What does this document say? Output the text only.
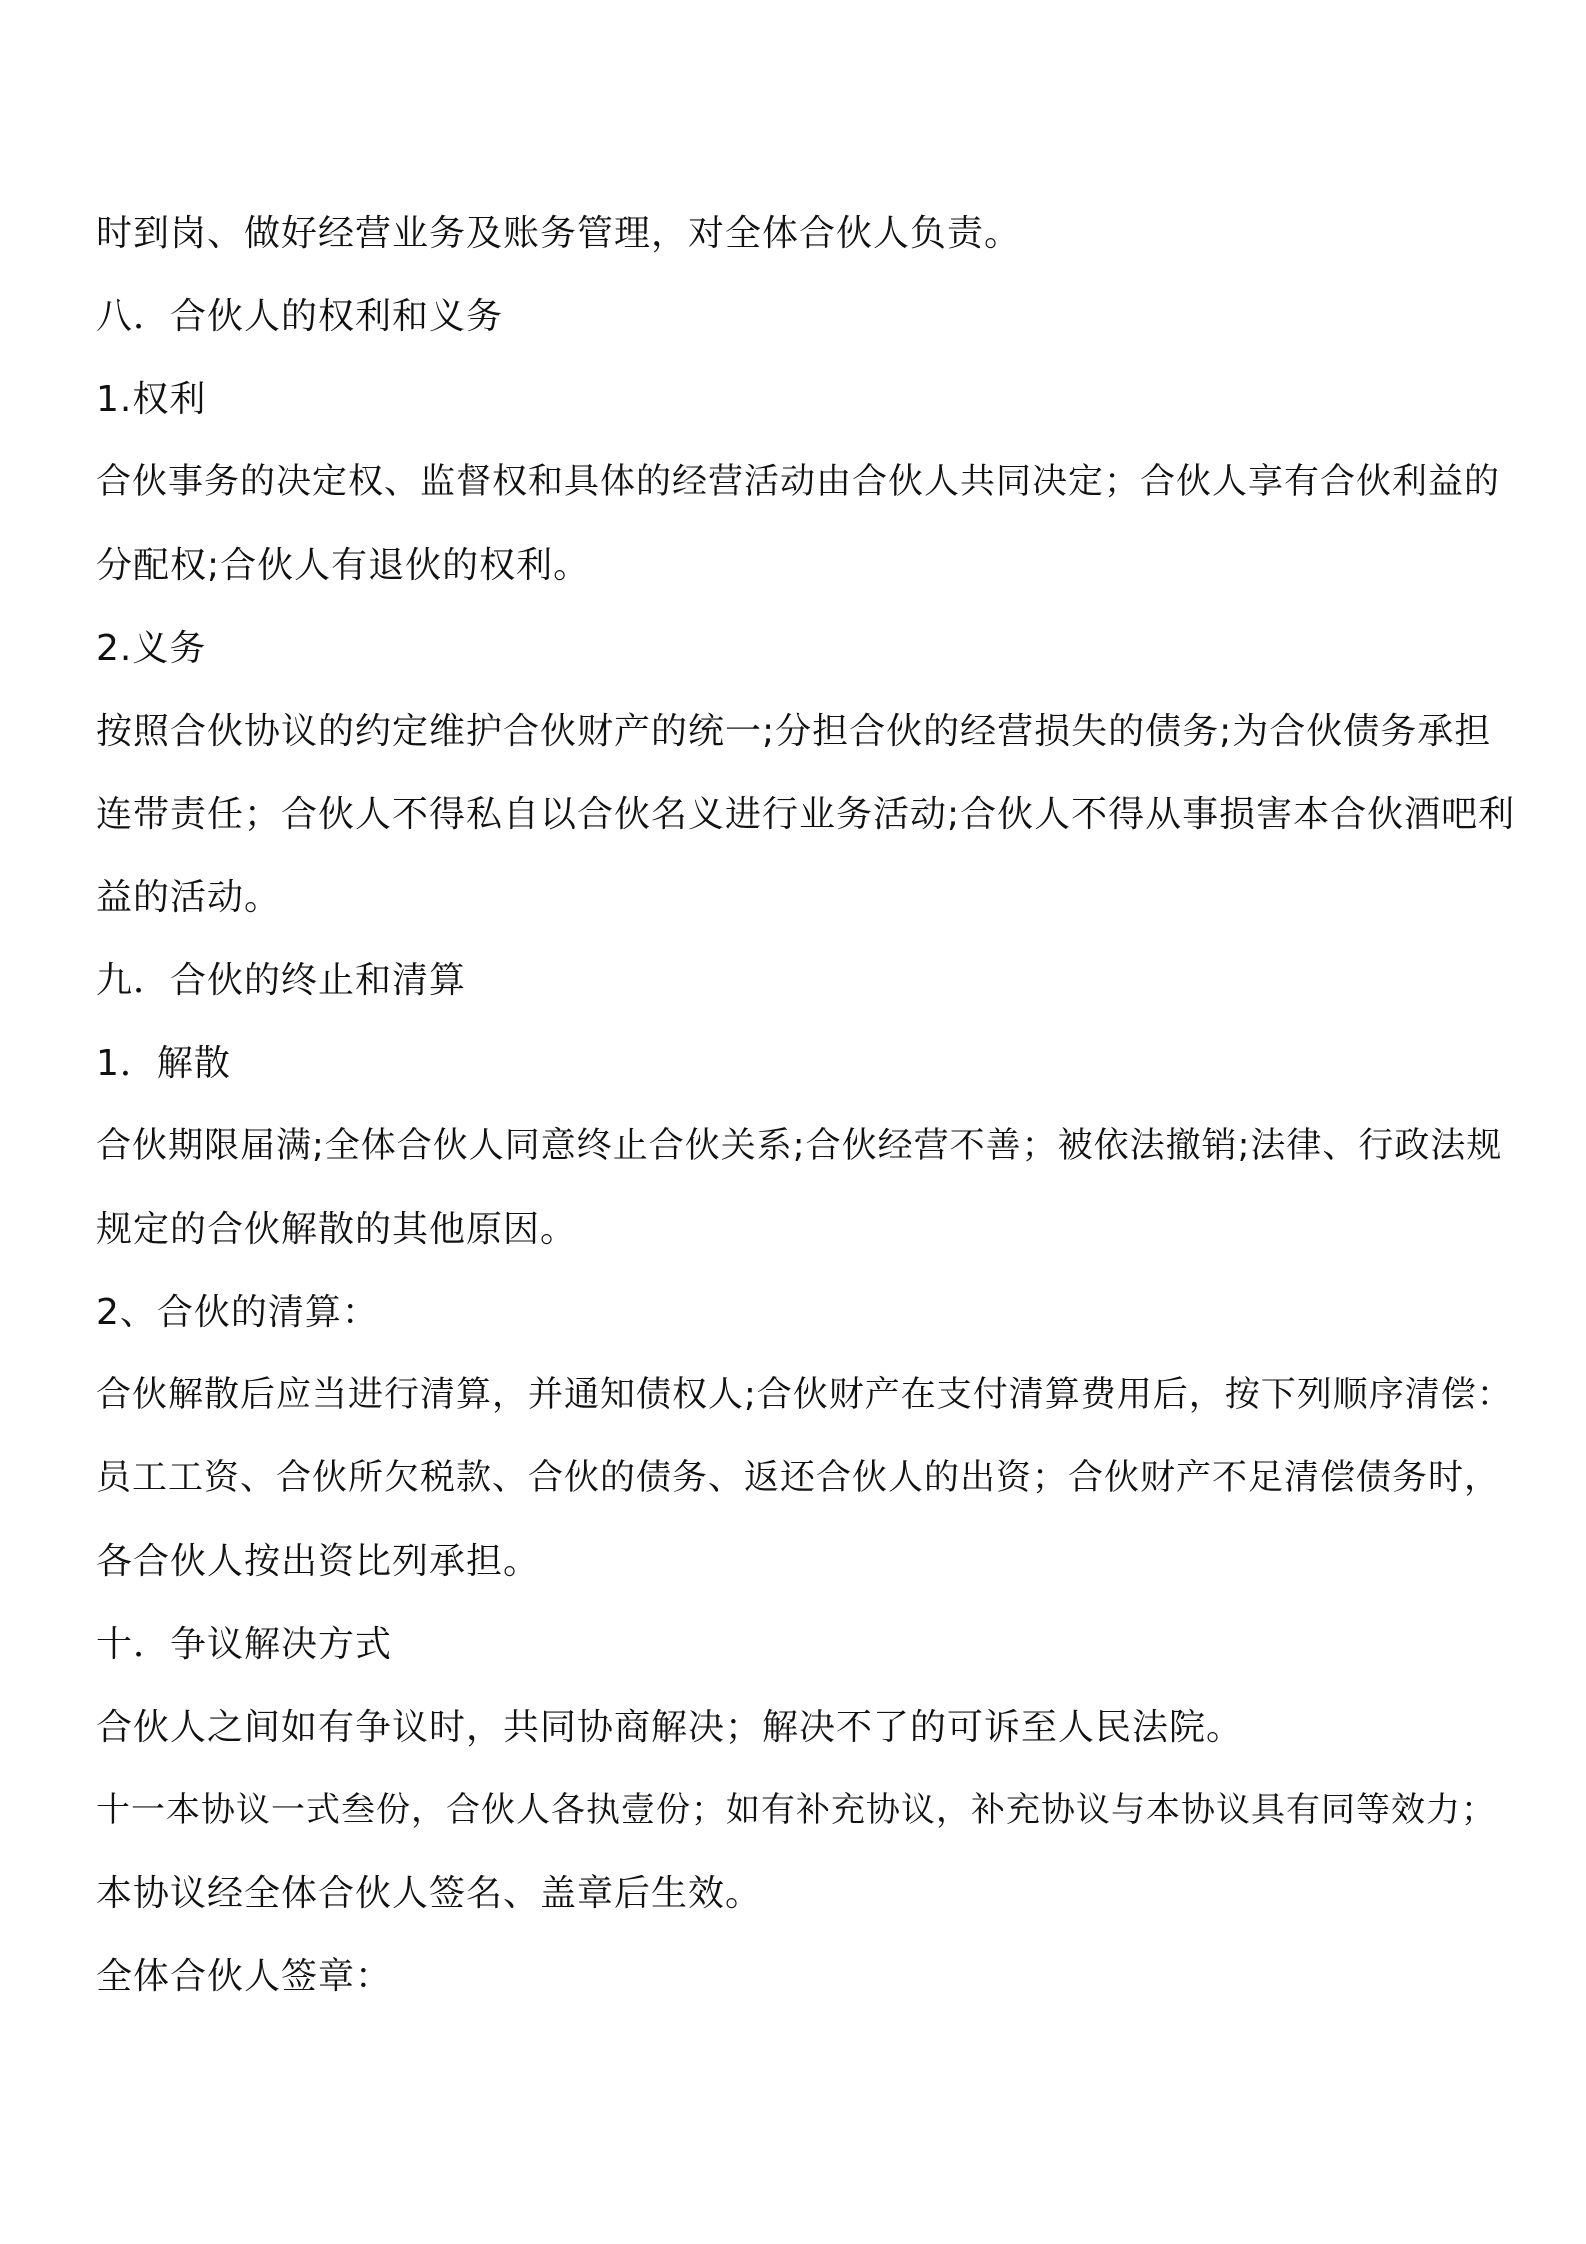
时到岗、做好经营业务及账务管理，对全体合伙人负责。
八．合伙人的权利和义务
1.权利
合伙事务的决定权、监督权和具体的经营活动由合伙人共同决定；合伙人享有合伙利益的
分配权;合伙人有退伙的权利。
2.义务
按照合伙协议的约定维护合伙财产的统一;分担合伙的经营损失的债务;为合伙债务承担
连带责任；合伙人不得私自以合伙名义进行业务活动;合伙人不得从事损害本合伙酒吧利
益的活动。
九．合伙的终止和清算
1．解散
合伙期限届满;全体合伙人同意终止合伙关系;合伙经营不善；被依法撤销;法律、行政法规
规定的合伙解散的其他原因。
2、合伙的清算：
合伙解散后应当进行清算，并通知债权人;合伙财产在支付清算费用后，按下列顺序清偿：
员工工资、合伙所欠税款、合伙的债务、返还合伙人的出资；合伙财产不足清偿债务时，
各合伙人按出资比列承担。
十．争议解决方式
合伙人之间如有争议时，共同协商解决；解决不了的可诉至人民法院。
十一本协议一式叁份，合伙人各执壹份；如有补充协议，补充协议与本协议具有同等效力；
本协议经全体合伙人签名、盖章后生效。
全体合伙人签章：
